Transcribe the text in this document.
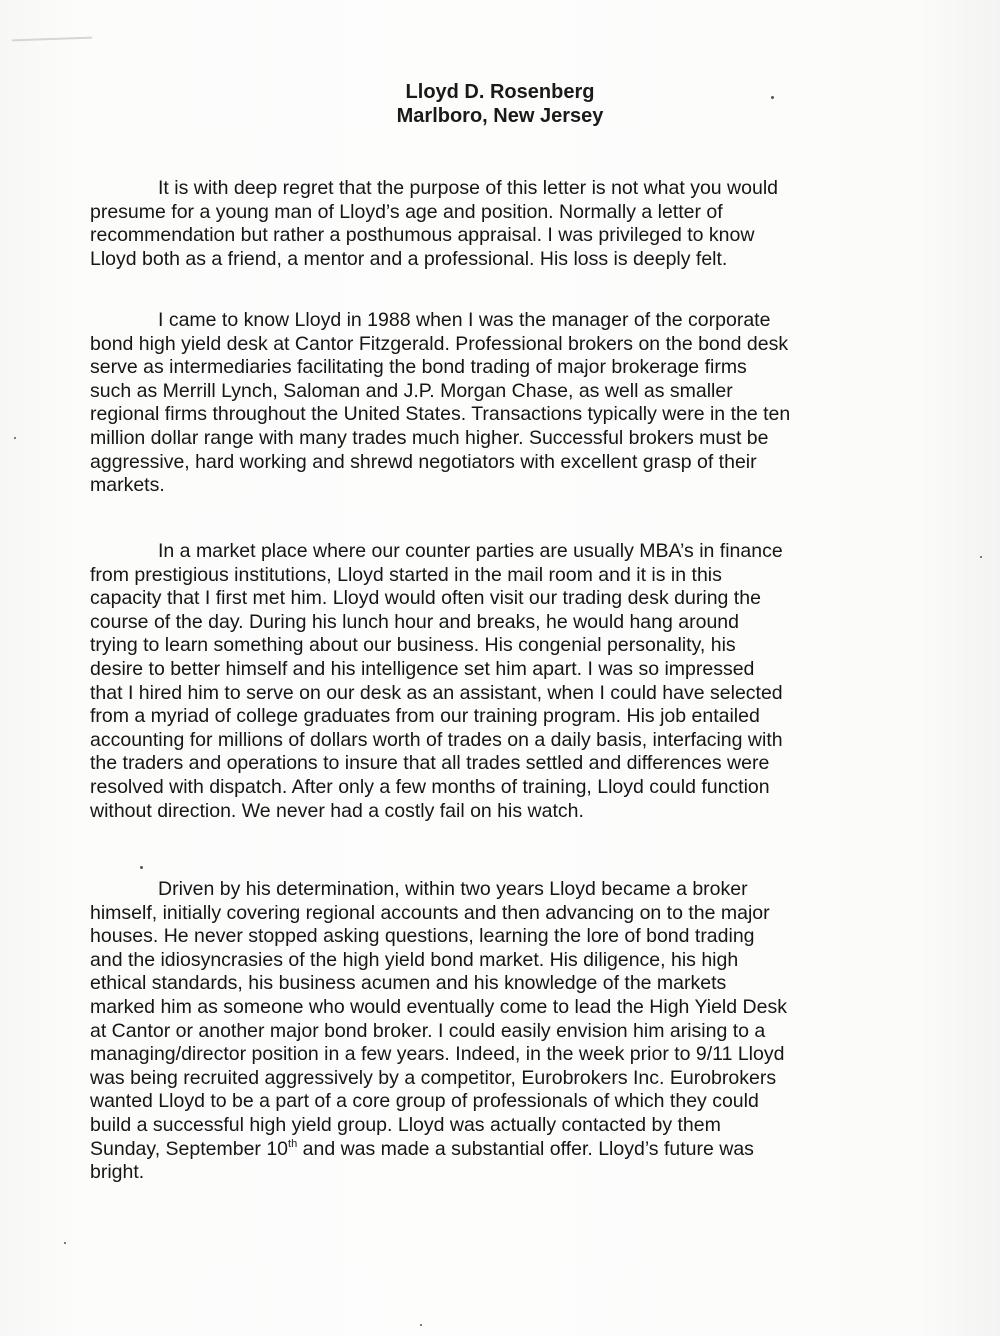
Lloyd D. Rosenberg
Marlboro, New Jersey
It is with deep regret that the purpose of this letter is not what you would
presume for a young man of Lloyd’s age and position. Normally a letter of
recommendation but rather a posthumous appraisal. I was privileged to know
Lloyd both as a friend, a mentor and a professional. His loss is deeply felt.
I came to know Lloyd in 1988 when I was the manager of the corporate
bond high yield desk at Cantor Fitzgerald. Professional brokers on the bond desk
serve as intermediaries facilitating the bond trading of major brokerage firms
such as Merrill Lynch, Saloman and J.P. Morgan Chase, as well as smaller
regional firms throughout the United States. Transactions typically were in the ten
million dollar range with many trades much higher. Successful brokers must be
aggressive, hard working and shrewd negotiators with excellent grasp of their
markets.
In a market place where our counter parties are usually MBA’s in finance
from prestigious institutions, Lloyd started in the mail room and it is in this
capacity that I first met him. Lloyd would often visit our trading desk during the
course of the day. During his lunch hour and breaks, he would hang around
trying to learn something about our business. His congenial personality, his
desire to better himself and his intelligence set him apart. I was so impressed
that I hired him to serve on our desk as an assistant, when I could have selected
from a myriad of college graduates from our training program. His job entailed
accounting for millions of dollars worth of trades on a daily basis, interfacing with
the traders and operations to insure that all trades settled and differences were
resolved with dispatch. After only a few months of training, Lloyd could function
without direction. We never had a costly fail on his watch.
Driven by his determination, within two years Lloyd became a broker
himself, initially covering regional accounts and then advancing on to the major
houses. He never stopped asking questions, learning the lore of bond trading
and the idiosyncrasies of the high yield bond market. His diligence, his high
ethical standards, his business acumen and his knowledge of the markets
marked him as someone who would eventually come to lead the High Yield Desk
at Cantor or another major bond broker. I could easily envision him arising to a
managing/director position in a few years. Indeed, in the week prior to 9/11 Lloyd
was being recruited aggressively by a competitor, Eurobrokers Inc. Eurobrokers
wanted Lloyd to be a part of a core group of professionals of which they could
build a successful high yield group. Lloyd was actually contacted by them
Sunday, September 10th and was made a substantial offer. Lloyd’s future was
bright.
